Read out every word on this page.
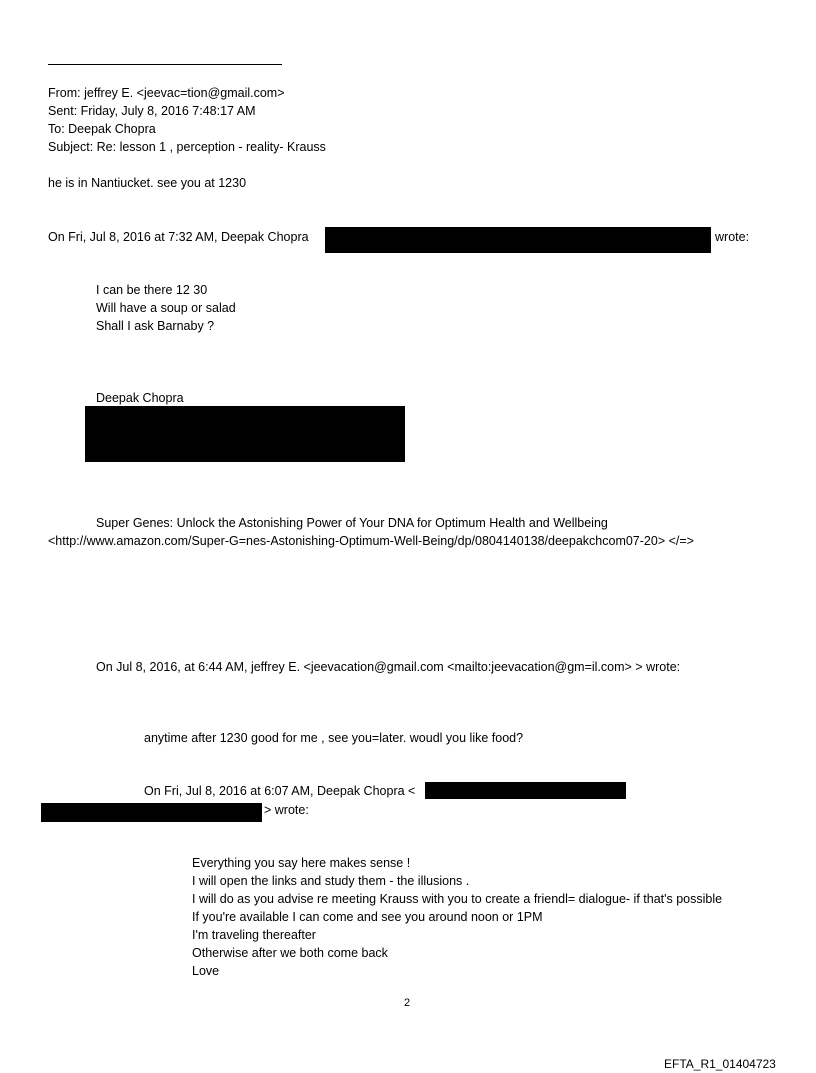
From: jeffrey E. <jeevac=tion@gmail.com>
Sent: Friday, July 8, 2016 7:48:17 AM
To: Deepak Chopra
Subject: Re: lesson 1 , perception - reality- Krauss
he is in Nantiucket. see you at 1230
On Fri, Jul 8, 2016 at 7:32 AM, Deepak Chopra	wrote:
I can be there 12 30
Will have a soup or salad
Shall I ask Barnaby ?
Deepak Chopra
Super Genes: Unlock the Astonishing Power of Your DNA for Optimum Health and Wellbeing
<http://www.amazon.com/Super-G=nes-Astonishing-Optimum-Well-Being/dp/0804140138/deepakchcom07-20> </=>
On Jul 8, 2016, at 6:44 AM, jeffrey E. <jeevacation@gmail.com <mailto:jeevacation@gm=il.com> > wrote:
anytime after 1230 good for me , see you=later. woudl you like food?
On Fri, Jul 8, 2016 at 6:07 AM, Deepak Chopra <
> wrote:
Everything you say here makes sense !
I will open the links and study them - the illusions .
I will do as you advise re meeting Krauss with you to create a friendl= dialogue- if that's possible
If you're available I can come and see you around noon or 1PM
I'm traveling thereafter
Otherwise after we both come back
Love
2
EFTA_R1_01404723
